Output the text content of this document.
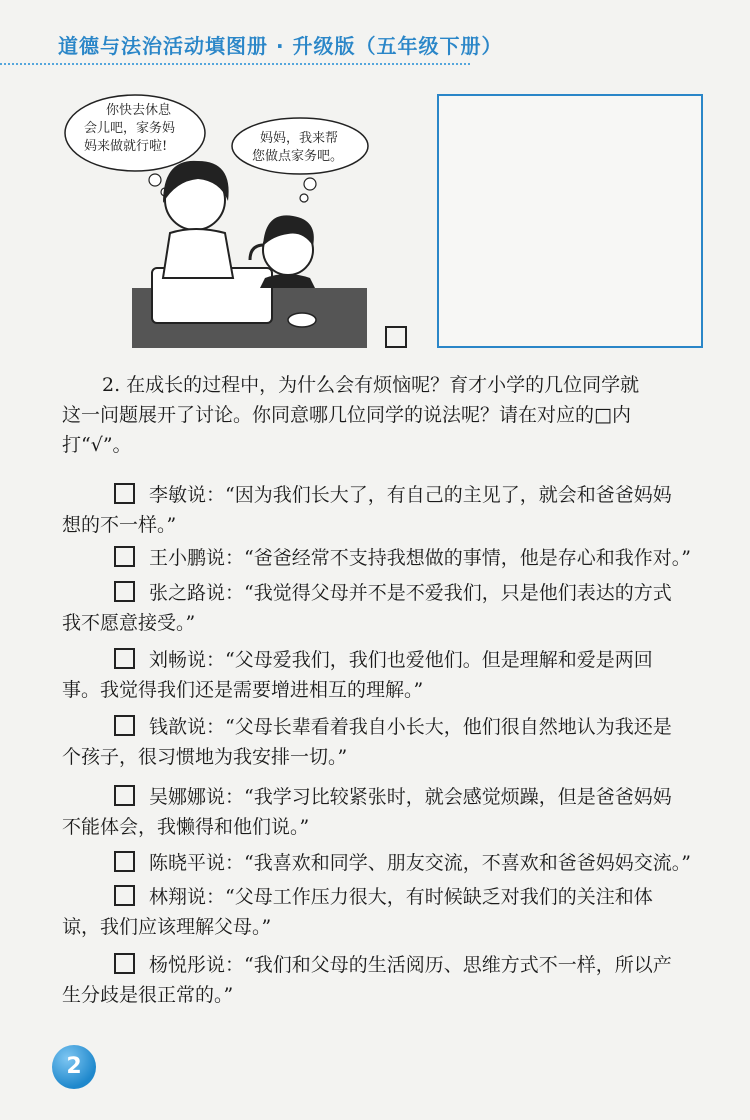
道德与法治活动填图册 · 升级版（五年级下册）
你快去休息
会儿吧，家务妈
妈来做就行啦!
妈妈，我来帮
您做点家务吧。
2. 在成长的过程中，为什么会有烦恼呢？育才小学的几位同学就
这一问题展开了讨论。你同意哪几位同学的说法呢？请在对应的□内
打“√”。
李敏说：“因为我们长大了，有自己的主见了，就会和爸爸妈妈
想的不一样。”
王小鹏说：“爸爸经常不支持我想做的事情，他是存心和我作对。”
张之路说：“我觉得父母并不是不爱我们，只是他们表达的方式
我不愿意接受。”
刘畅说：“父母爱我们，我们也爱他们。但是理解和爱是两回
事。我觉得我们还是需要增进相互的理解。”
钱歆说：“父母长辈看着我自小长大，他们很自然地认为我还是
个孩子，很习惯地为我安排一切。”
吴娜娜说：“我学习比较紧张时，就会感觉烦躁，但是爸爸妈妈
不能体会，我懒得和他们说。”
陈晓平说：“我喜欢和同学、朋友交流，不喜欢和爸爸妈妈交流。”
林翔说：“父母工作压力很大，有时候缺乏对我们的关注和体
谅，我们应该理解父母。”
杨悦彤说：“我们和父母的生活阅历、思维方式不一样，所以产
生分歧是很正常的。”
2
